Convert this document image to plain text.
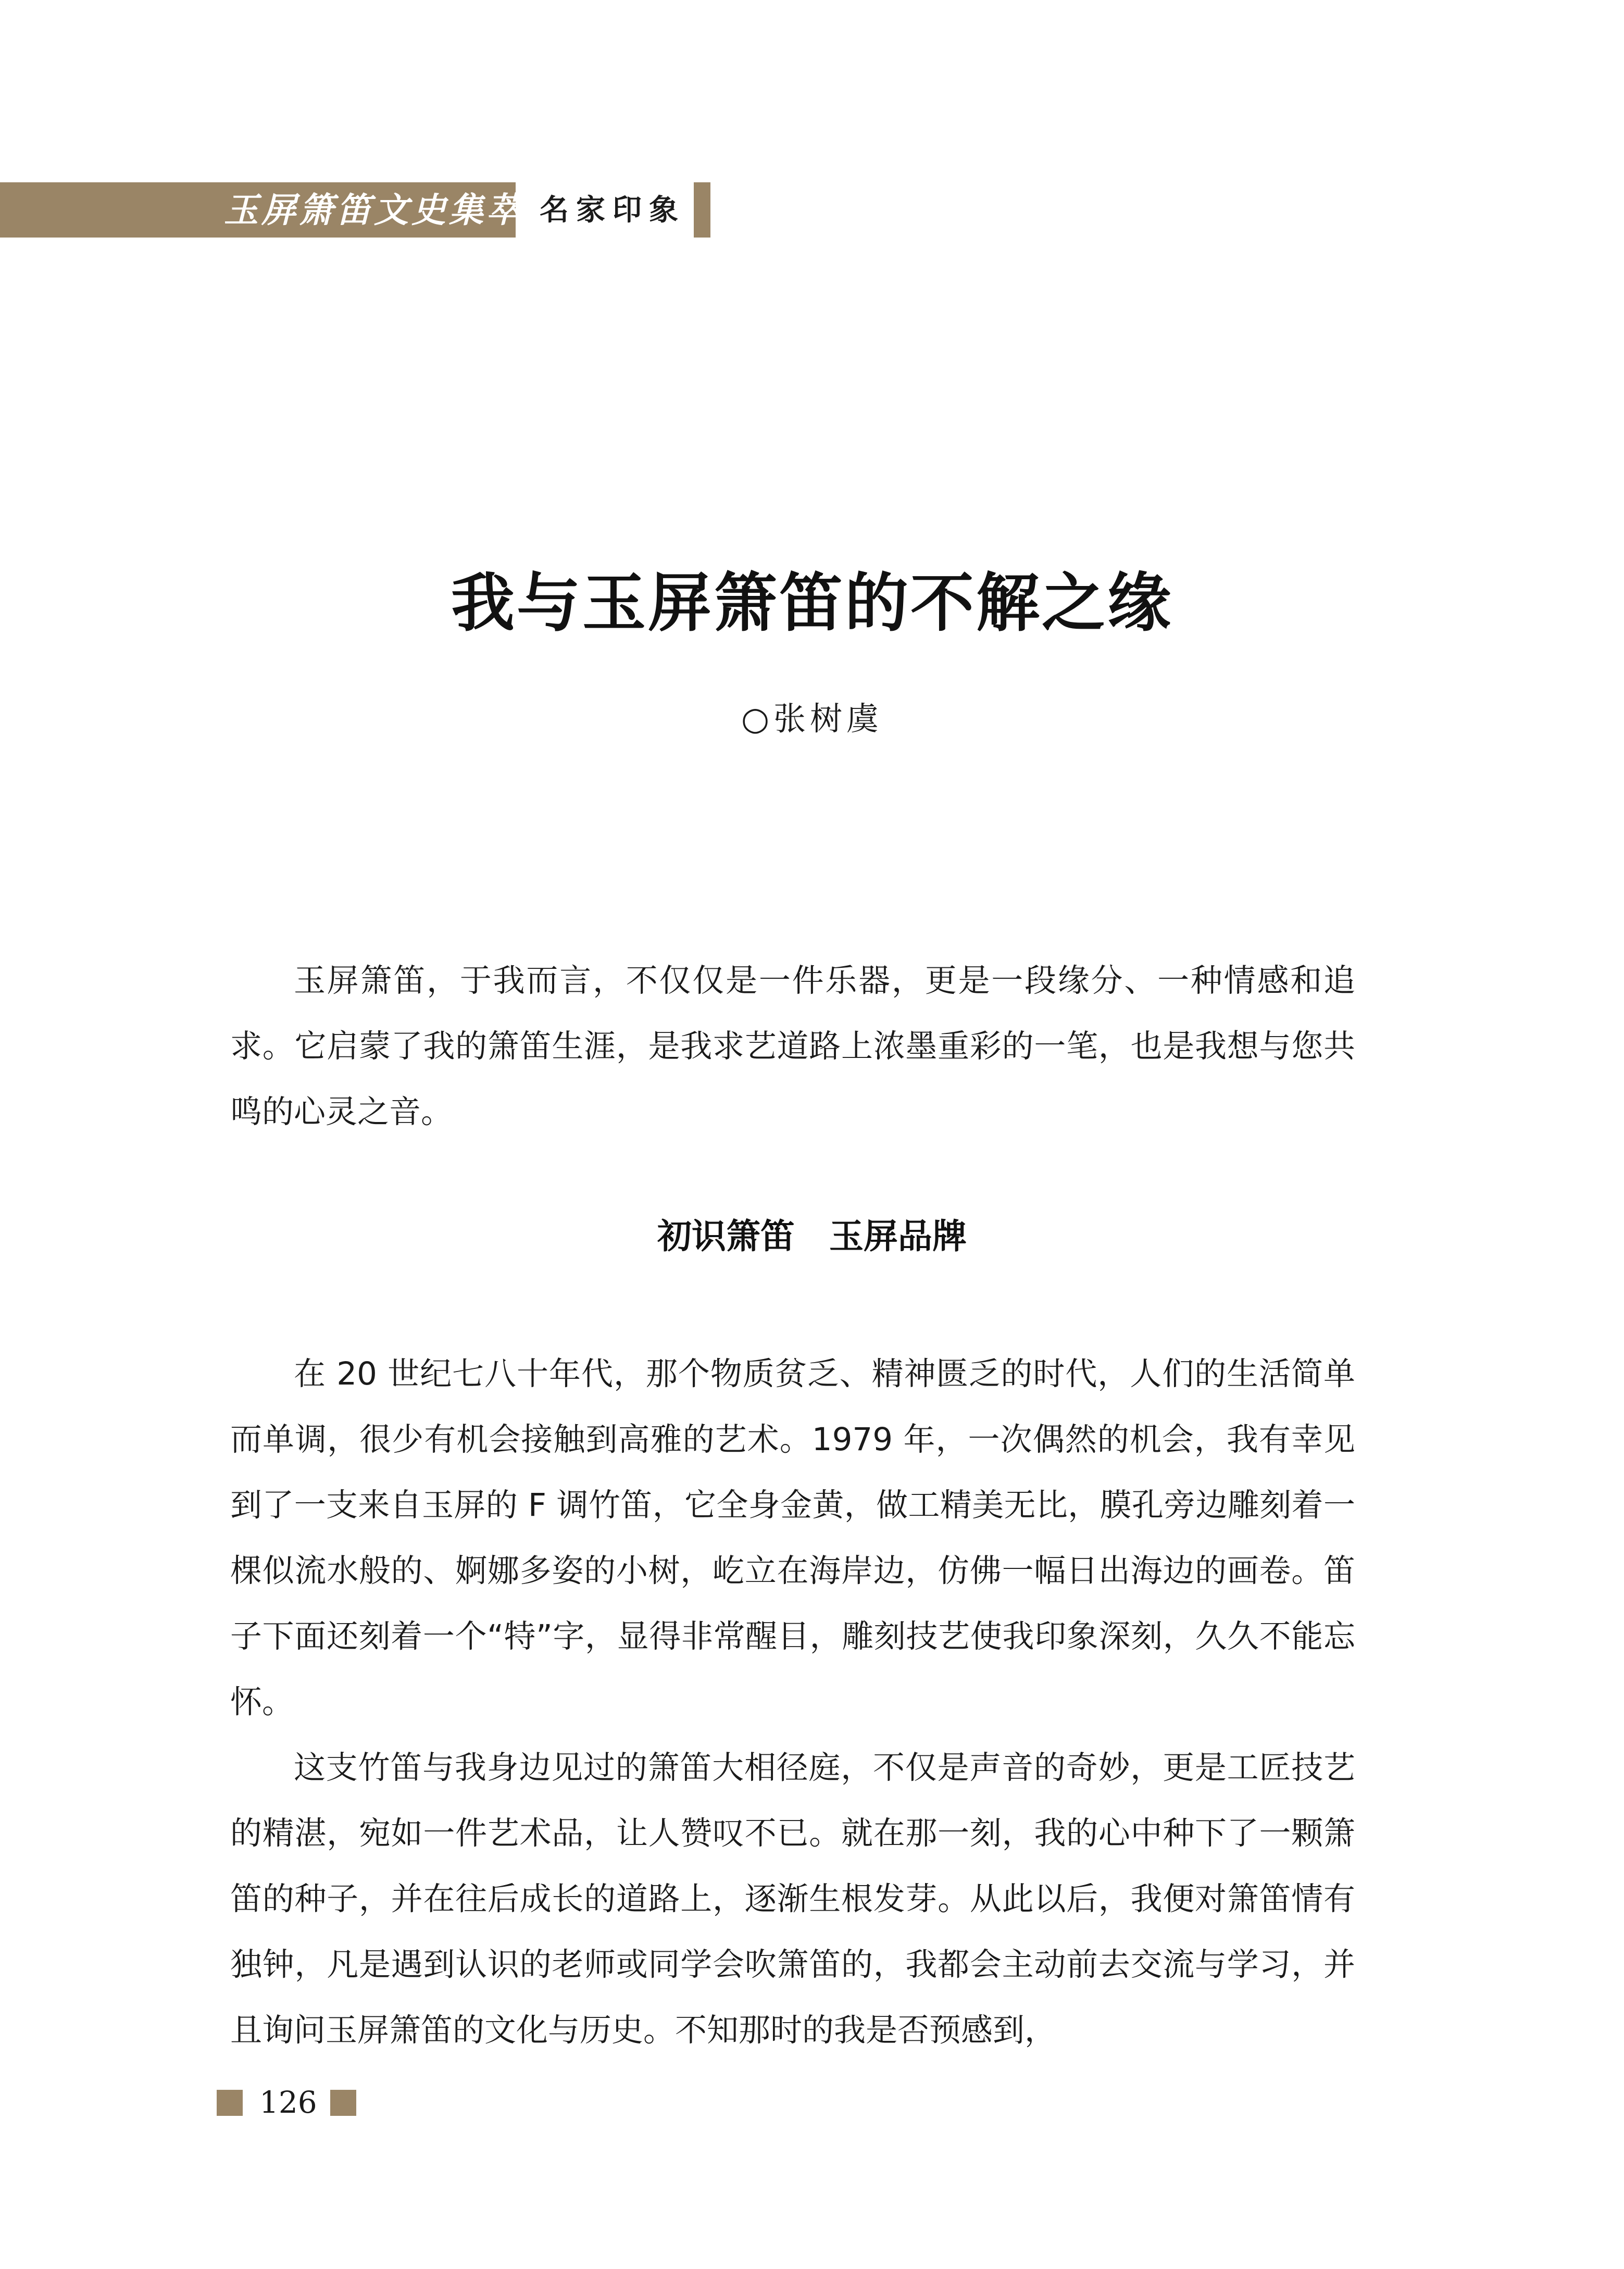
玉屏箫笛文史集萃 名家印象
我与玉屏箫笛的不解之缘
○张树虞

玉屏箫笛，于我而言，不仅仅是一件乐器，更是一段缘分、一种情感和追求。它启蒙了我的箫笛生涯，是我求艺道路上浓墨重彩的一笔，也是我想与您共鸣的心灵之音。

初识箫笛　玉屏品牌

在 20 世纪七八十年代，那个物质贫乏、精神匮乏的时代，人们的生活简单而单调，很少有机会接触到高雅的艺术。1979 年，一次偶然的机会，我有幸见到了一支来自玉屏的 F 调竹笛，它全身金黄，做工精美无比，膜孔旁边雕刻着一棵似流水般的、婀娜多姿的小树，屹立在海岸边，仿佛一幅日出海边的画卷。笛子下面还刻着一个“特”字，显得非常醒目，雕刻技艺使我印象深刻，久久不能忘怀。

这支竹笛与我身边见过的箫笛大相径庭，不仅是声音的奇妙，更是工匠技艺的精湛，宛如一件艺术品，让人赞叹不已。就在那一刻，我的心中种下了一颗箫笛的种子，并在往后成长的道路上，逐渐生根发芽。从此以后，我便对箫笛情有独钟，凡是遇到认识的老师或同学会吹箫笛的，我都会主动前去交流与学习，并且询问玉屏箫笛的文化与历史。不知那时的我是否预感到，

126
